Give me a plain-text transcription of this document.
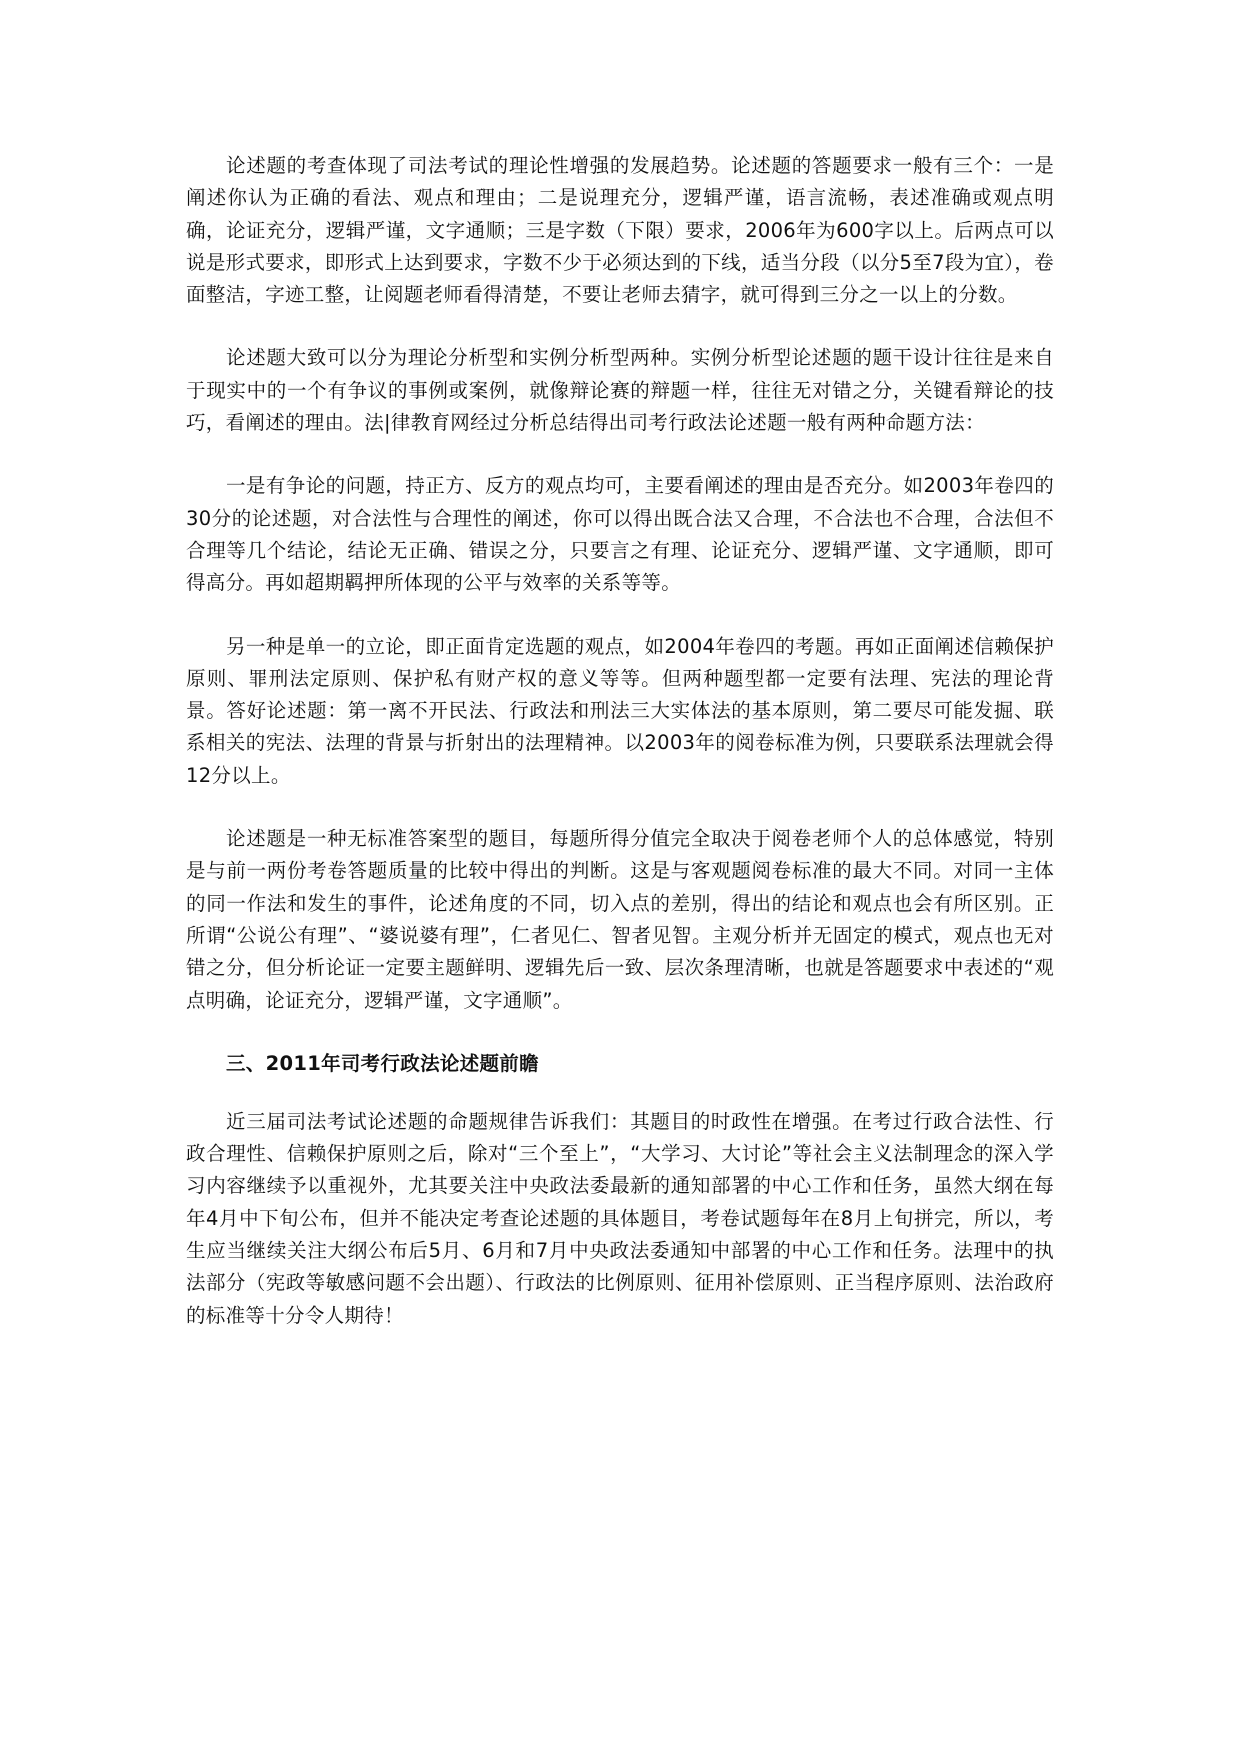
论述题的考查体现了司法考试的理论性增强的发展趋势。论述题的答题要求一般有三个：一是阐述你认为正确的看法、观点和理由；二是说理充分，逻辑严谨，语言流畅，表述准确或观点明确，论证充分，逻辑严谨，文字通顺；三是字数（下限）要求，2006年为600字以上。后两点可以说是形式要求，即形式上达到要求，字数不少于必须达到的下线，适当分段（以分5至7段为宜），卷面整洁，字迹工整，让阅题老师看得清楚，不要让老师去猜字，就可得到三分之一以上的分数。

论述题大致可以分为理论分析型和实例分析型两种。实例分析型论述题的题干设计往往是来自于现实中的一个有争议的事例或案例，就像辩论赛的辩题一样，往往无对错之分，关键看辩论的技巧，看阐述的理由。法|律教育网经过分析总结得出司考行政法论述题一般有两种命题方法：

一是有争论的问题，持正方、反方的观点均可，主要看阐述的理由是否充分。如2003年卷四的30分的论述题，对合法性与合理性的阐述，你可以得出既合法又合理，不合法也不合理，合法但不合理等几个结论，结论无正确、错误之分，只要言之有理、论证充分、逻辑严谨、文字通顺，即可得高分。再如超期羁押所体现的公平与效率的关系等等。

另一种是单一的立论，即正面肯定选题的观点，如2004年卷四的考题。再如正面阐述信赖保护原则、罪刑法定原则、保护私有财产权的意义等等。但两种题型都一定要有法理、宪法的理论背景。答好论述题：第一离不开民法、行政法和刑法三大实体法的基本原则，第二要尽可能发掘、联系相关的宪法、法理的背景与折射出的法理精神。以2003年的阅卷标准为例，只要联系法理就会得12分以上。

论述题是一种无标准答案型的题目，每题所得分值完全取决于阅卷老师个人的总体感觉，特别是与前一两份考卷答题质量的比较中得出的判断。这是与客观题阅卷标准的最大不同。对同一主体的同一作法和发生的事件，论述角度的不同，切入点的差别，得出的结论和观点也会有所区别。正所谓“公说公有理”、“婆说婆有理”，仁者见仁、智者见智。主观分析并无固定的模式，观点也无对错之分，但分析论证一定要主题鲜明、逻辑先后一致、层次条理清晰，也就是答题要求中表述的“观点明确，论证充分，逻辑严谨，文字通顺”。

三、2011年司考行政法论述题前瞻

近三届司法考试论述题的命题规律告诉我们：其题目的时政性在增强。在考过行政合法性、行政合理性、信赖保护原则之后，除对“三个至上”，“大学习、大讨论”等社会主义法制理念的深入学习内容继续予以重视外，尤其要关注中央政法委最新的通知部署的中心工作和任务，虽然大纲在每年4月中下旬公布，但并不能决定考查论述题的具体题目，考卷试题每年在8月上旬拼完，所以，考生应当继续关注大纲公布后5月、6月和7月中央政法委通知中部署的中心工作和任务。法理中的执法部分（宪政等敏感问题不会出题）、行政法的比例原则、征用补偿原则、正当程序原则、法治政府的标准等十分令人期待！
